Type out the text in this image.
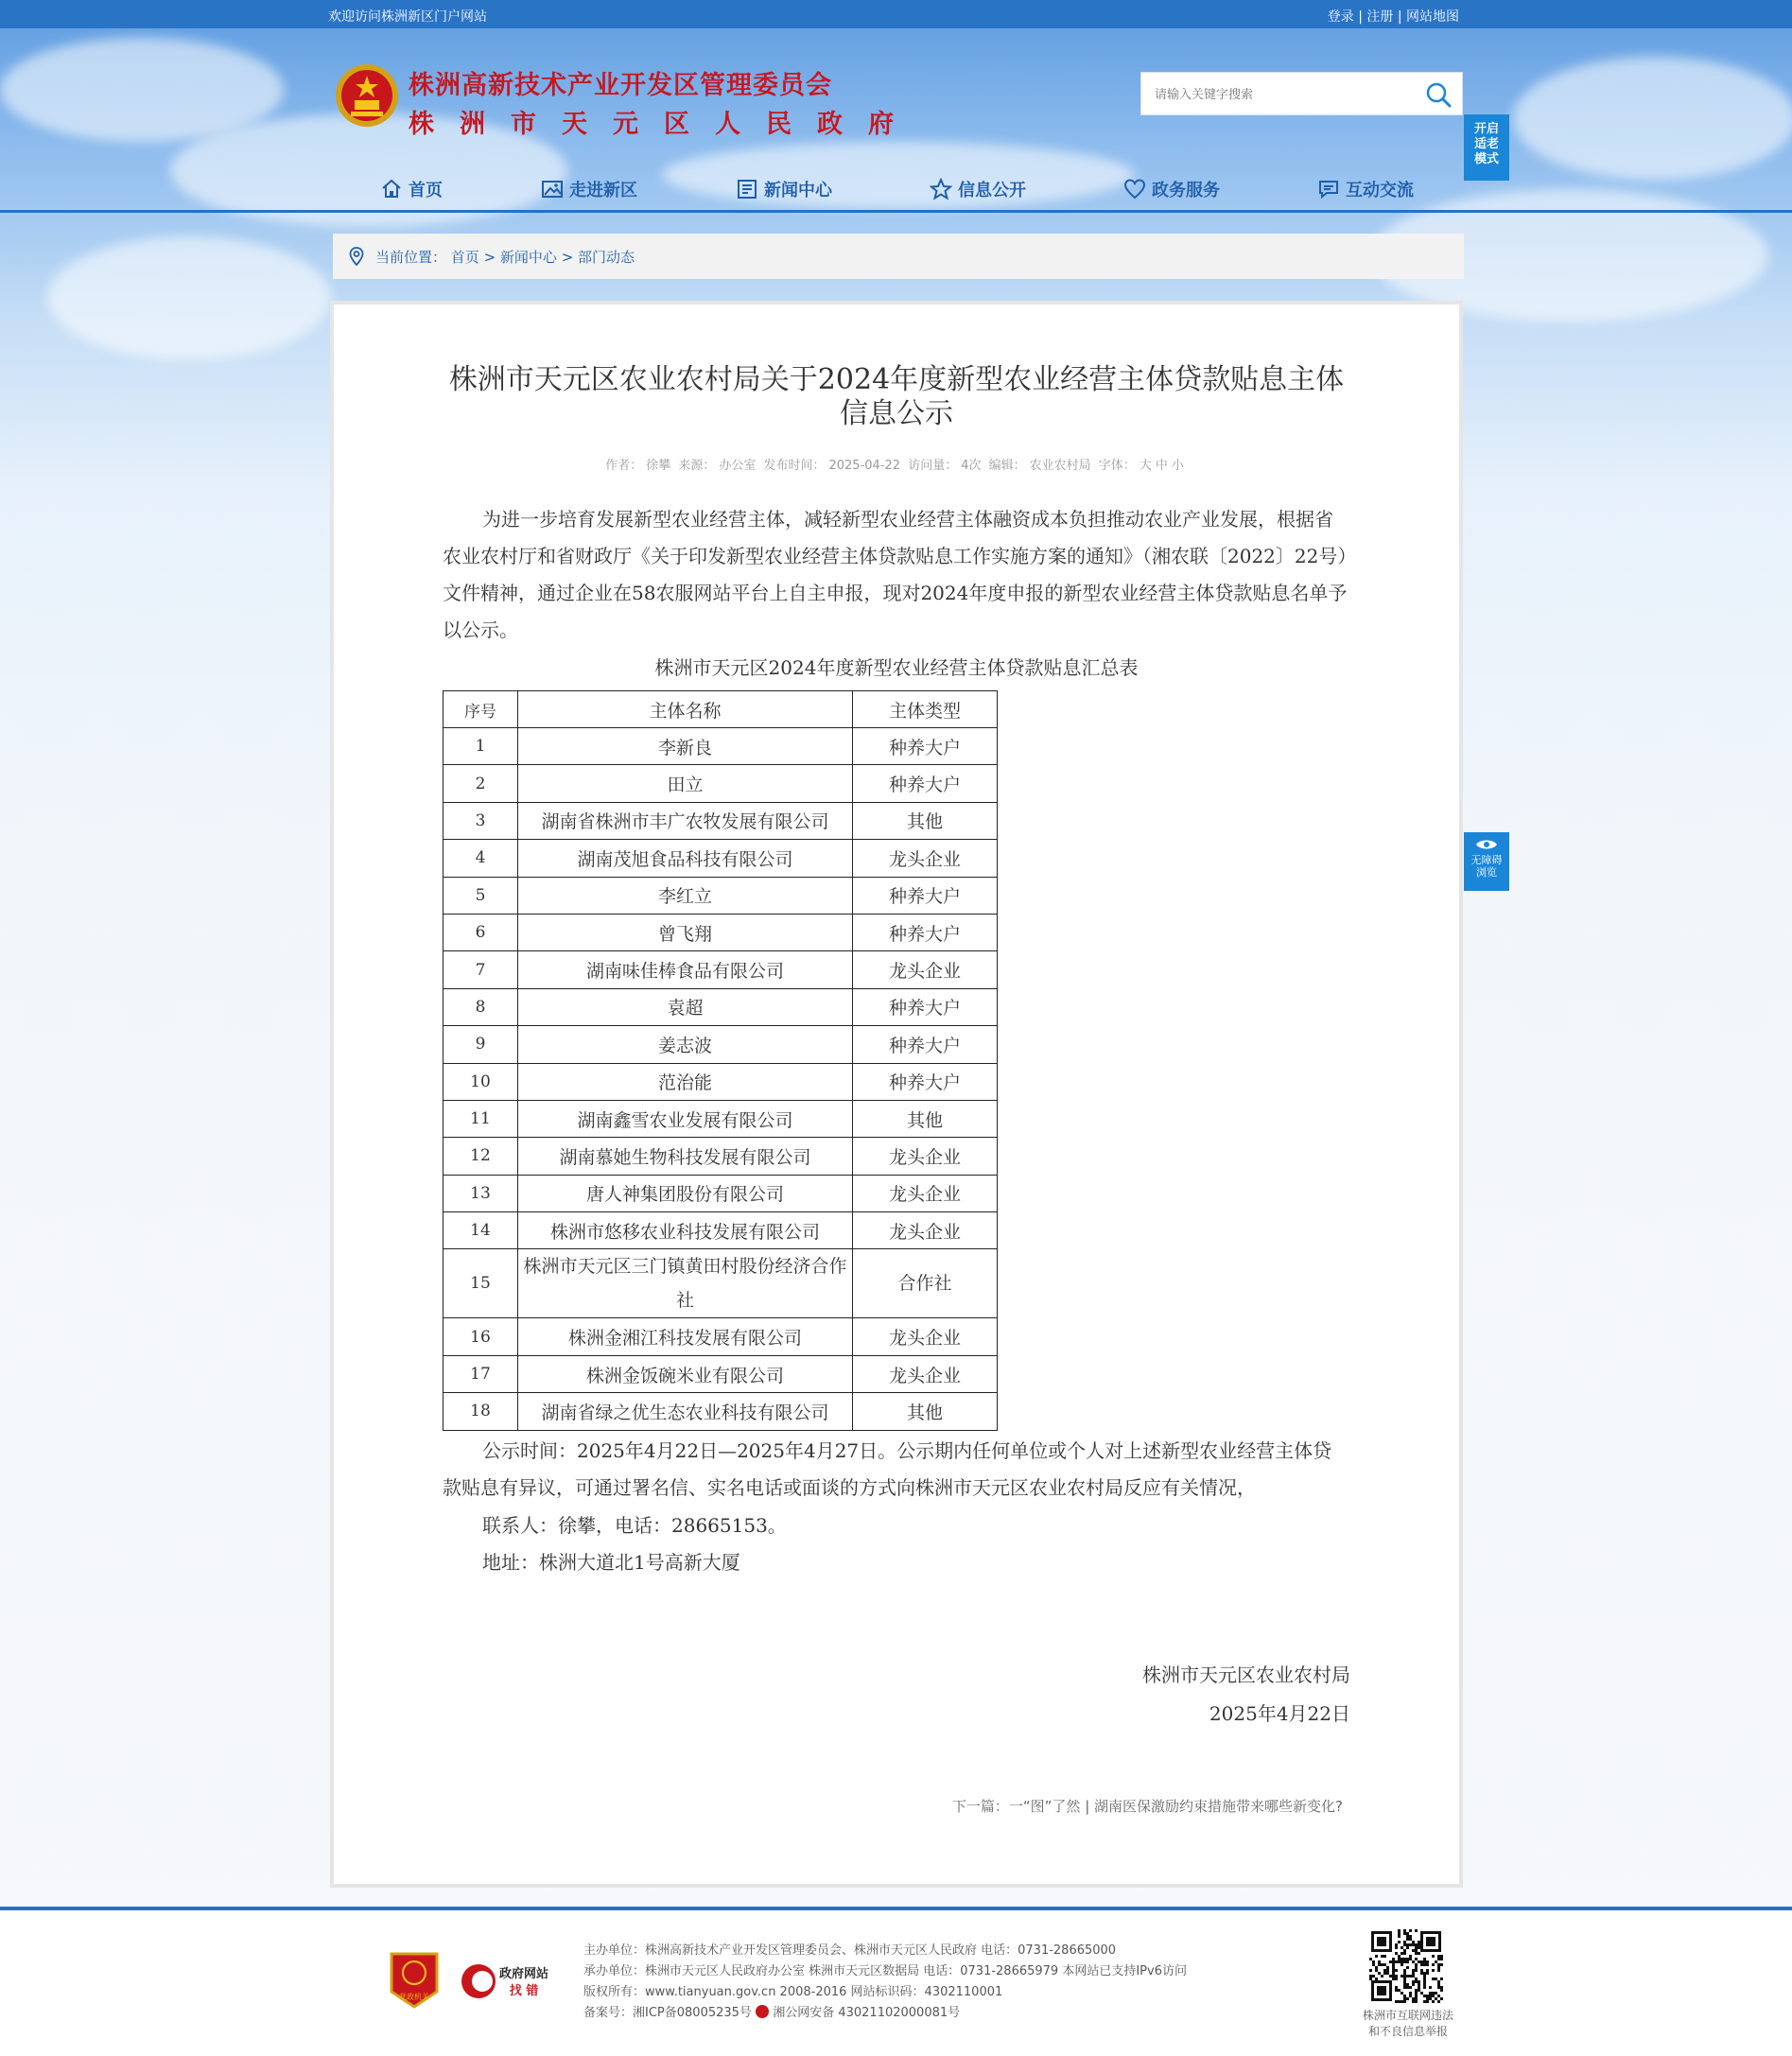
欢迎访问株洲新区门户网站	登录 | 注册 | 网站地图
株洲高新技术产业开发区管理委员会
株洲市天元区人民政府
请输入关键字搜索	开启
适老
模式
首页	走进新区	新闻中心	信息公开	政务服务	互动交流
当前位置： 首页 > 新闻中心 > 部门动态
株洲市天元区农业农村局关于2024年度新型农业经营主体贷款贴息主体信息公示
作者： 徐攀 来源： 办公室 发布时间： 2025-04-22 访问量： 4次 编辑： 农业农村局 字体： 大 中 小
为进一步培育发展新型农业经营主体，减轻新型农业经营主体融资成本负担推动农业产业发展，根据省农业农村厅和省财政厅《关于印发新型农业经营主体贷款贴息工作实施方案的通知》（湘农联〔2022〕22号）文件精神，通过企业在58农服网站平台上自主申报，现对2024年度申报的新型农业经营主体贷款贴息名单予以公示。
株洲市天元区2024年度新型农业经营主体贷款贴息汇总表
序号	主体名称	主体类型
1	李新良	种养大户
2	田立	种养大户
3	湖南省株洲市丰广农牧发展有限公司	其他
4	湖南茂旭食品科技有限公司	龙头企业
5	李红立	种养大户
6	曾飞翔	种养大户
7	湖南味佳棒食品有限公司	龙头企业
8	袁超	种养大户
9	姜志波	种养大户
10	范治能	种养大户
11	湖南鑫雪农业发展有限公司	其他
12	湖南慕她生物科技发展有限公司	龙头企业
13	唐人神集团股份有限公司	龙头企业
14	株洲市悠移农业科技发展有限公司	龙头企业
15	株洲市天元区三门镇黄田村股份经济合作社	合作社
16	株洲金湘江科技发展有限公司	龙头企业
17	株洲金饭碗米业有限公司	龙头企业
18	湖南省绿之优生态农业科技有限公司	其他
公示时间：2025年4月22日—2025年4月27日。公示期内任何单位或个人对上述新型农业经营主体贷款贴息有异议，可通过署名信、实名电话或面谈的方式向株洲市天元区农业农村局反应有关情况，
联系人：徐攀，电话：28665153。
地址：株洲大道北1号高新大厦
株洲市天元区农业农村局
2025年4月22日
下一篇：一“图”了然 | 湖南医保激励约束措施带来哪些新变化?
无障碍
浏览
党政机关
政府网站
找 错
主办单位：株洲高新技术产业开发区管理委员会、株洲市天元区人民政府 电话：0731-28665000
承办单位：株洲市天元区人民政府办公室 株洲市天元区数据局 电话：0731-28665979 本网站已支持IPv6访问
版权所有：www.tianyuan.gov.cn 2008-2016 网站标识码：4302110001
备案号：湘ICP备08005235号 湘公网安备 43021102000081号	株洲市互联网违法
和不良信息举报
